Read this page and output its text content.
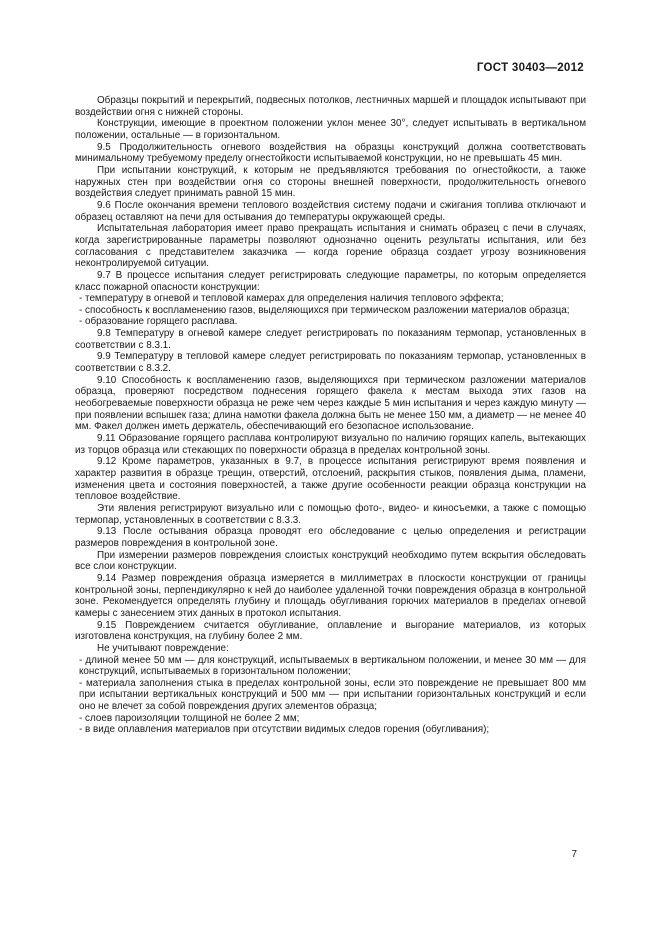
ГОСТ 30403—2012

Образцы покрытий и перекрытий, подвесных потолков, лестничных маршей и площадок испытывают при воздействии огня с нижней стороны.

Конструкции, имеющие в проектном положении уклон менее 30°, следует испытывать в вертикальном положении, остальные — в горизонтальном.

9.5 Продолжительность огневого воздействия на образцы конструкций должна соответствовать минимальному требуемому пределу огнестойкости испытываемой конструкции, но не превышать 45 мин.

При испытании конструкций, к которым не предъявляются требования по огнестойкости, а также наружных стен при воздействии огня со стороны внешней поверхности, продолжительность огневого воздействия следует принимать равной 15 мин.

9.6 После окончания времени теплового воздействия систему подачи и сжигания топлива отключают и образец оставляют на печи для остывания до температуры окружающей среды.

Испытательная лаборатория имеет право прекращать испытания и снимать образец с печи в случаях, когда зарегистрированные параметры позволяют однозначно оценить результаты испытания, или без согласования с представителем заказчика — когда горение образца создает угрозу возникновения неконтролируемой ситуации.

9.7 В процессе испытания следует регистрировать следующие параметры, по которым определяется класс пожарной опасности конструкции:

- температуру в огневой и тепловой камерах для определения наличия теплового эффекта;

- способность к воспламенению газов, выделяющихся при термическом разложении материалов образца;

- образование горящего расплава.

9.8 Температуру в огневой камере следует регистрировать по показаниям термопар, установленных в соответствии с 8.3.1.

9.9 Температуру в тепловой камере следует регистрировать по показаниям термопар, установленных в соответствии с 8.3.2.

9.10 Способность к воспламенению газов, выделяющихся при термическом разложении материалов образца, проверяют посредством поднесения горящего факела к местам выхода этих газов на необогреваемые поверхности образца не реже чем через каждые 5 мин испытания и через каждую минуту — при появлении вспышек газа; длина намотки факела должна быть не менее 150 мм, а диаметр — не менее 40 мм. Факел должен иметь держатель, обеспечивающий его безопасное использование.

9.11 Образование горящего расплава контролируют визуально по наличию горящих капель, вытекающих из торцов образца или стекающих по поверхности образца в пределах контрольной зоны.

9.12 Кроме параметров, указанных в 9.7, в процессе испытания регистрируют время появления и характер развития в образце трещин, отверстий, отслоений, раскрытия стыков, появления дыма, пламени, изменения цвета и состояния поверхностей, а также другие особенности реакции образца конструкции на тепловое воздействие.

Эти явления регистрируют визуально или с помощью фото-, видео- и киносъемки, а также с помощью термопар, установленных в соответствии с 8.3.3.

9.13 После остывания образца проводят его обследование с целью определения и регистрации размеров повреждения в контрольной зоне.

При измерении размеров повреждения слоистых конструкций необходимо путем вскрытия обследовать все слои конструкции.

9.14 Размер повреждения образца измеряется в миллиметрах в плоскости конструкции от границы контрольной зоны, перпендикулярно к ней до наиболее удаленной точки повреждения образца в контрольной зоне. Рекомендуется определять глубину и площадь обугливания горючих материалов в пределах огневой камеры с занесением этих данных в протокол испытания.

9.15 Повреждением считается обугливание, оплавление и выгорание материалов, из которых изготовлена конструкция, на глубину более 2 мм.

Не учитывают повреждение:

- длиной менее 50 мм — для конструкций, испытываемых в вертикальном положении, и менее 30 мм — для конструкций, испытываемых в горизонтальном положении;

- материала заполнения стыка в пределах контрольной зоны, если это повреждение не превышает 800 мм при испытании вертикальных конструкций и 500 мм — при испытании горизонтальных конструкций и если оно не влечет за собой повреждения других элементов образца;

- слоев пароизоляции толщиной не более 2 мм;

- в виде оплавления материалов при отсутствии видимых следов горения (обугливания);

7
